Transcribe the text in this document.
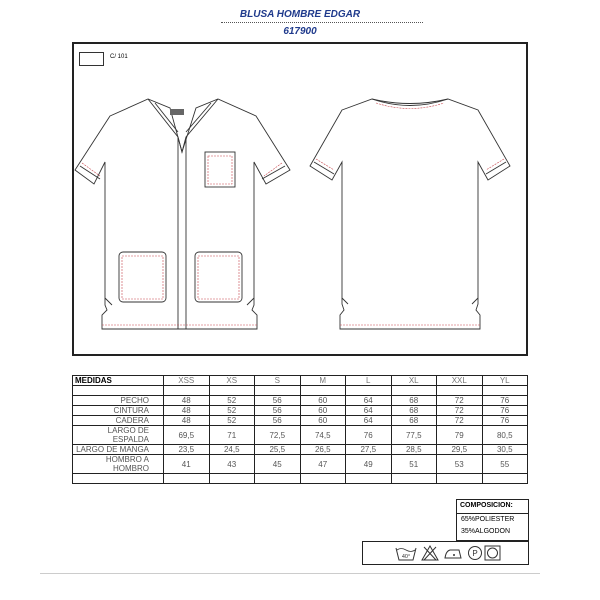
BLUSA HOMBRE EDGAR
617900
C/ 101
MEDIDAS	XSS	XS	S	M	L	XL	XXL	YL

PECHO	48	52	56	60	64	68	72	76
CINTURA	48	52	56	60	64	68	72	76
CADERA	48	52	56	60	64	68	72	76
LARGO DE ESPALDA	69,5	71	72,5	74,5	76	77,5	79	80,5
LARGO DE MANGA	23,5	24,5	25,5	26,5	27,5	28,5	29,5	30,5
HOMBRO A HOMBRO	41	43	45	47	49	51	53	55

COMPOSICION:
65%POLIESTER
35%ALGODON
40°	P
